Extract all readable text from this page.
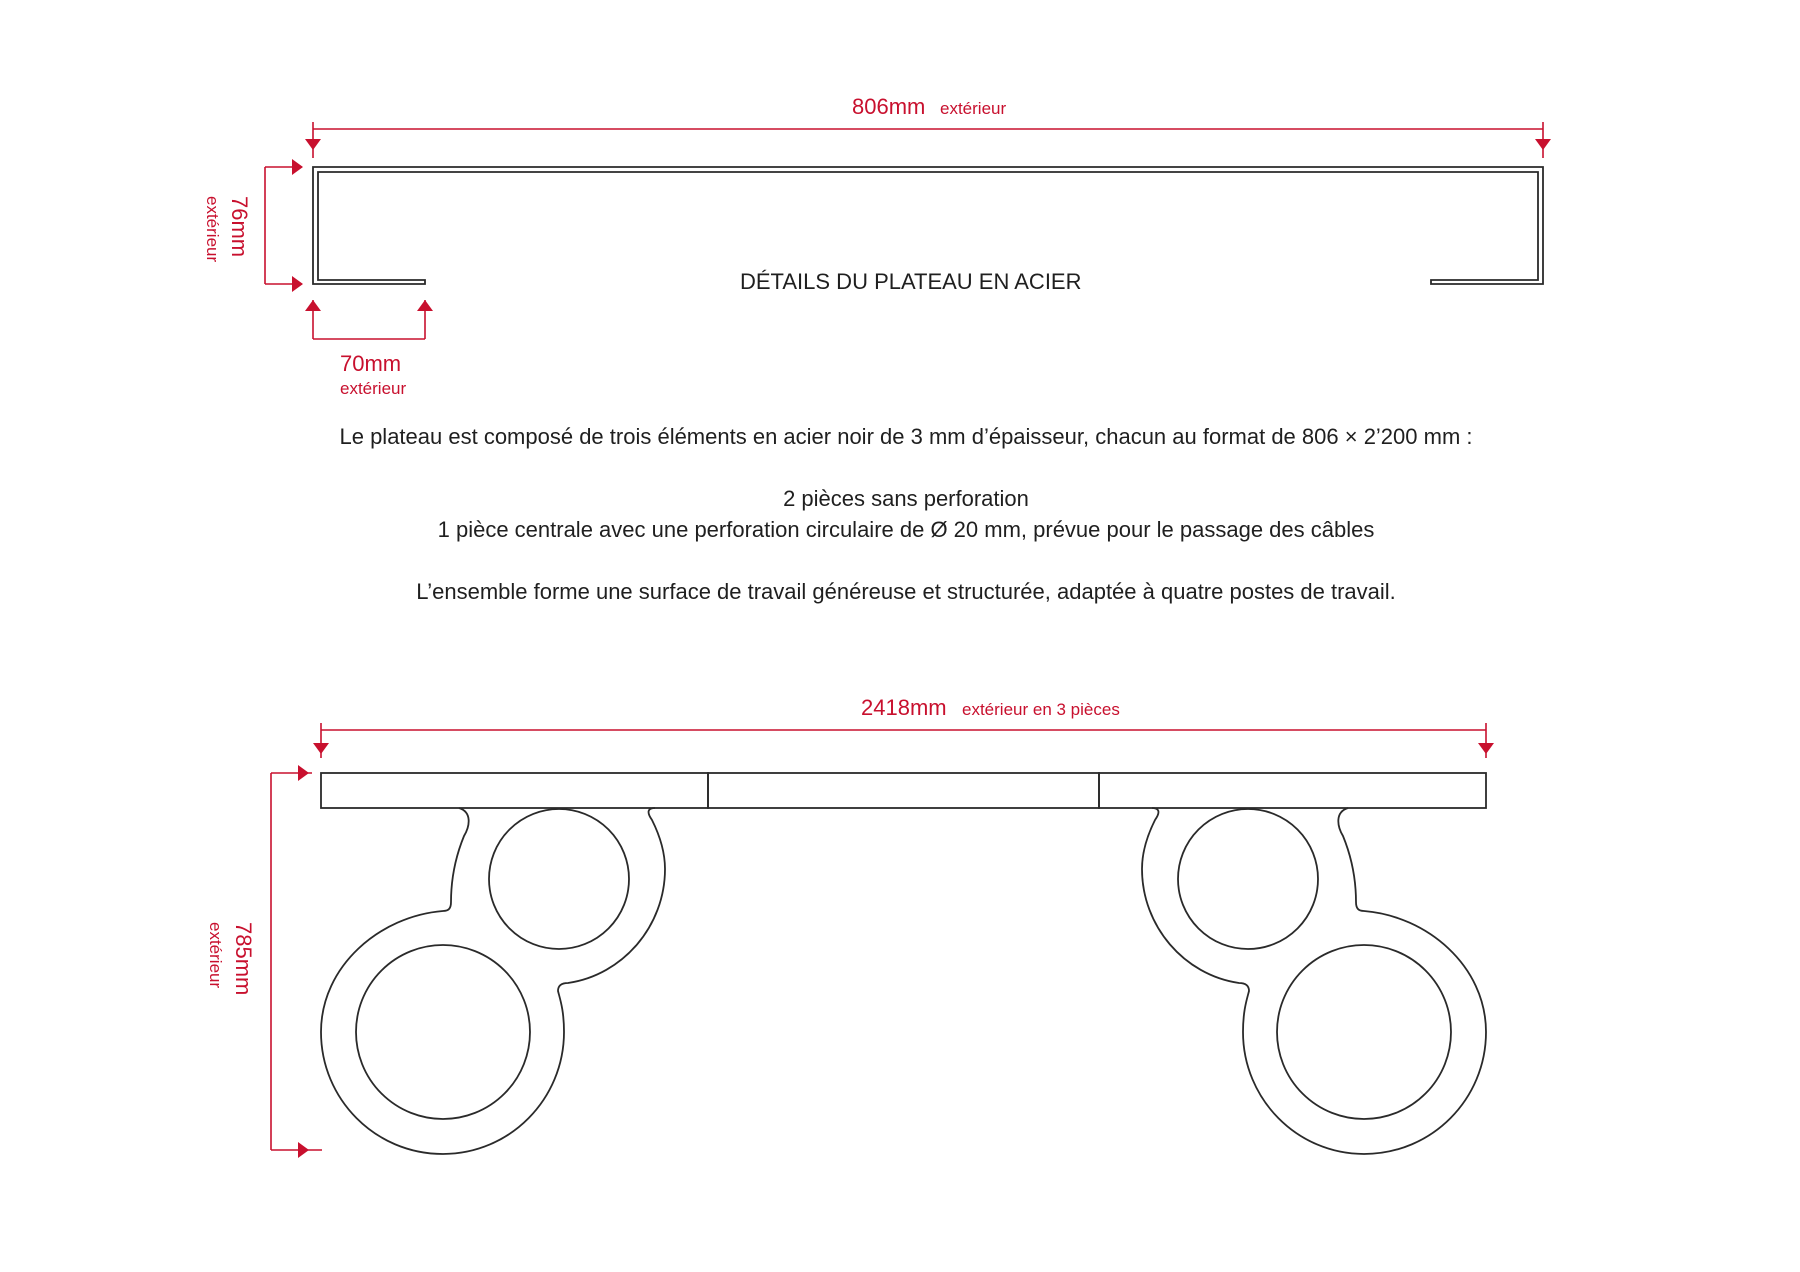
806mm extérieur
DÉTAILS DU PLATEAU EN ACIER
76mm
extérieur
70mm
extérieur
Le plateau est composé de trois éléments en acier noir de 3 mm d’épaisseur, chacun au format de 806 × 2’200 mm :
2 pièces sans perforation
1 pièce centrale avec une perforation circulaire de Ø 20 mm, prévue pour le passage des câbles
L’ensemble forme une surface de travail généreuse et structurée, adaptée à quatre postes de travail.
2418mm extérieur en 3 pièces
785mm
extérieur
